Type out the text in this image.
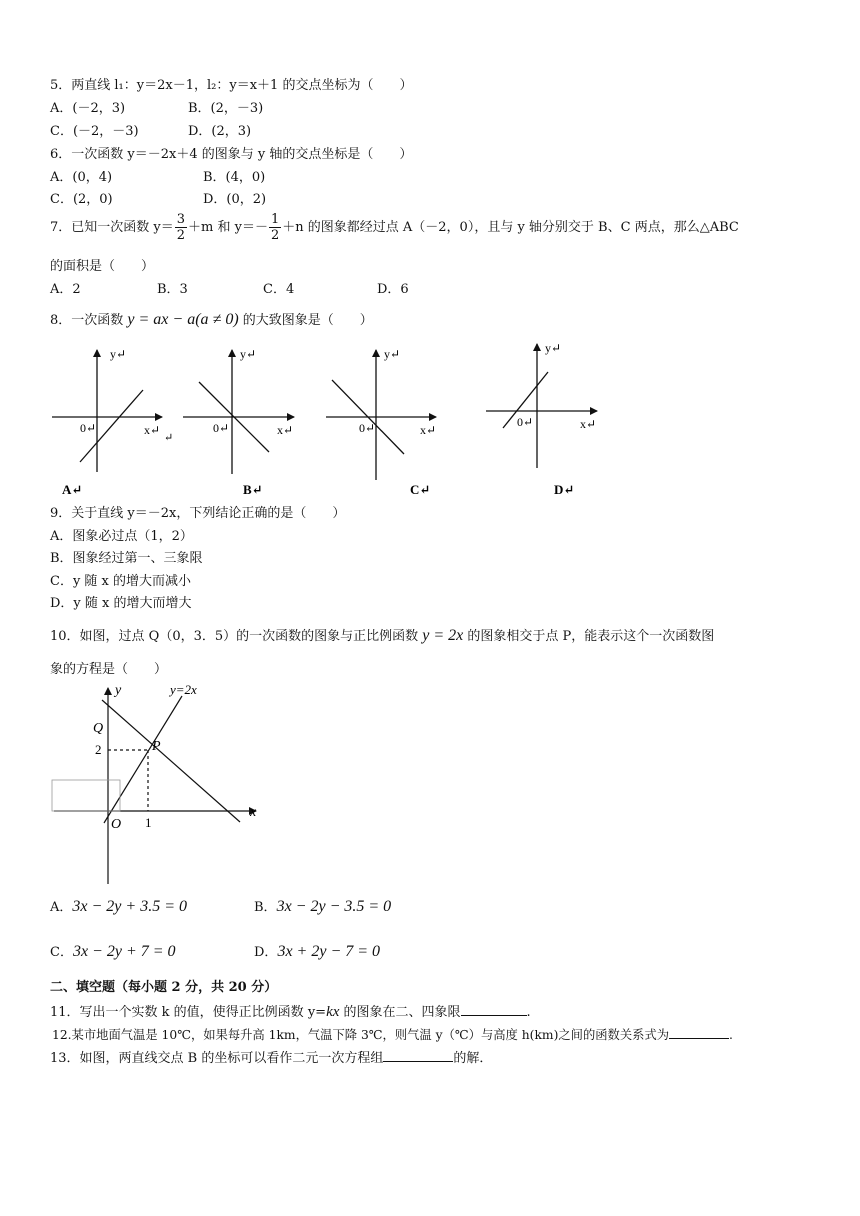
5．两直线 l₁：y＝2x－1，l₂：y＝x＋1 的交点坐标为（　　）
A．(－2，3)	B．(2，－3)
C．(－2，－3)	D．(2，3)
6．一次函数 y＝－2x＋4 的图象与 y 轴的交点坐标是（　　）
A．(0，4)	B．(4，0)
C．(2，0)	D．(0，2)
7．已知一次函数 $y= \frac{3}{2} +m$ 和 $y=- \frac{1}{2} +n$ 的图象都经过点 A（－2，0），且与 y 轴分别交于 B、C 两点，那么△ABC
的面积是（　　）
A．2	B．3	C．4	D．6
8．一次函数 y = ax − a(a ≠ 0) 的大致图象是（　　）
y↵
0↵	x↵
↵
A↵
y↵
0↵	x↵
B↵
y↵
0↵	x↵
C↵
y↵
0↵	x↵
D↵
9．关于直线 y＝－2x，下列结论正确的是（　　）
A．图象必过点（1，2）
B．图象经过第一、三象限
C．y 随 x 的增大而减小
D．y 随 x 的增大而增大
10．如图，过点 Q（0，3．5）的一次函数的图象与正比例函数 y = 2x 的图象相交于点 P，能表示这个一次函数图
象的方程是（　　）
y	y=2x
Q
2	P
x
O 1
A．3x − 2y + 3.5 = 0	B．3x − 2y − 3.5 = 0
C．3x − 2y + 7 = 0	D．3x + 2y − 7 = 0
二、填空题（每小题 2 分，共 20 分）
11．写出一个实数 k 的值，使得正比例函数 y=kx 的图象在二、四象限	.
12.某市地面气温是 10℃，如果每升高 1km，气温下降 3℃，则气温 y（℃）与高度 h(km)之间的函数关系式为	.
13．如图，两直线交点 B 的坐标可以看作二元一次方程组	的解．
